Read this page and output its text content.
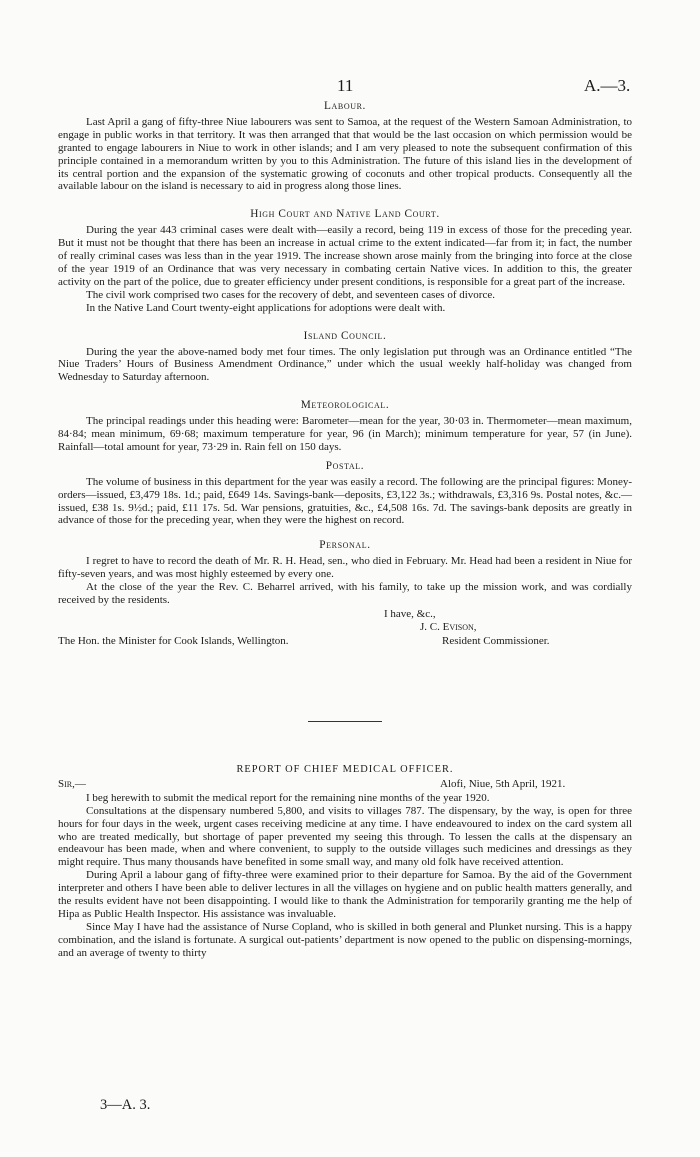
11	A.—3.
Labour.

Last April a gang of fifty-three Niue labourers was sent to Samoa, at the request of the Western Samoan Administration, to engage in public works in that territory. It was then arranged that that would be the last occasion on which permission would be granted to engage labourers in Niue to work in other islands; and I am very pleased to note the subsequent confirmation of this principle contained in a memorandum written by you to this Administration. The future of this island lies in the development of its central portion and the expansion of the systematic growing of coconuts and other tropical products. Consequently all the available labour on the island is necessary to aid in progress along those lines.

High Court and Native Land Court.

During the year 443 criminal cases were dealt with—easily a record, being 119 in excess of those for the preceding year. But it must not be thought that there has been an increase in actual crime to the extent indicated—far from it; in fact, the number of really criminal cases was less than in the year 1919. The increase shown arose mainly from the bringing into force at the close of the year 1919 of an Ordinance that was very necessary in combating certain Native vices. In addition to this, the greater activity on the part of the police, due to greater efficiency under present conditions, is responsible for a great part of the increase.

The civil work comprised two cases for the recovery of debt, and seventeen cases of divorce.

In the Native Land Court twenty-eight applications for adoptions were dealt with.

Island Council.

During the year the above-named body met four times. The only legislation put through was an Ordinance entitled “The Niue Traders’ Hours of Business Amendment Ordinance,” under which the usual weekly half-holiday was changed from Wednesday to Saturday afternoon.

Meteorological.

The principal readings under this heading were: Barometer—mean for the year, 30·03 in. Thermometer—mean maximum, 84·84; mean minimum, 69·68; maximum temperature for year, 96 (in March); minimum temperature for year, 57 (in June). Rainfall—total amount for year, 73·29 in. Rain fell on 150 days.

Postal.

The volume of business in this department for the year was easily a record. The following are the principal figures: Money-orders—issued, £3,479 18s. 1d.; paid, £649 14s. Savings-bank—deposits, £3,122 3s.; withdrawals, £3,316 9s. Postal notes, &c.—issued, £38 1s. 9½d.; paid, £11 17s. 5d. War pensions, gratuities, &c., £4,508 16s. 7d. The savings-bank deposits are greatly in advance of those for the preceding year, when they were the highest on record.

Personal.

I regret to have to record the death of Mr. R. H. Head, sen., who died in February. Mr. Head had been a resident in Niue for fifty-seven years, and was most highly esteemed by every one.

At the close of the year the Rev. C. Beharrel arrived, with his family, to take up the mission work, and was cordially received by the residents.

I have, &c.,
J. C. Evison,
The Hon. the Minister for Cook Islands, Wellington.	Resident Commissioner.
REPORT OF CHIEF MEDICAL OFFICER.
Sir,—	Alofi, Niue, 5th April, 1921.

I beg herewith to submit the medical report for the remaining nine months of the year 1920.

Consultations at the dispensary numbered 5,800, and visits to villages 787. The dispensary, by the way, is open for three hours for four days in the week, urgent cases receiving medicine at any time. I have endeavoured to index on the card system all who are treated medically, but shortage of paper prevented my seeing this through. To lessen the calls at the dispensary an endeavour has been made, when and where convenient, to supply to the outside villages such medicines and dressings as they might require. Thus many thousands have benefited in some small way, and many old folk have received attention.

During April a labour gang of fifty-three were examined prior to their departure for Samoa. By the aid of the Government interpreter and others I have been able to deliver lectures in all the villages on hygiene and on public health matters generally, and the results evident have not been disappointing. I would like to thank the Administration for temporarily granting me the help of Hipa as Public Health Inspector. His assistance was invaluable.

Since May I have had the assistance of Nurse Copland, who is skilled in both general and Plunket nursing. This is a happy combination, and the island is fortunate. A surgical out-patients’ department is now opened to the public on dispensing-mornings, and an average of twenty to thirty

3—A. 3.
